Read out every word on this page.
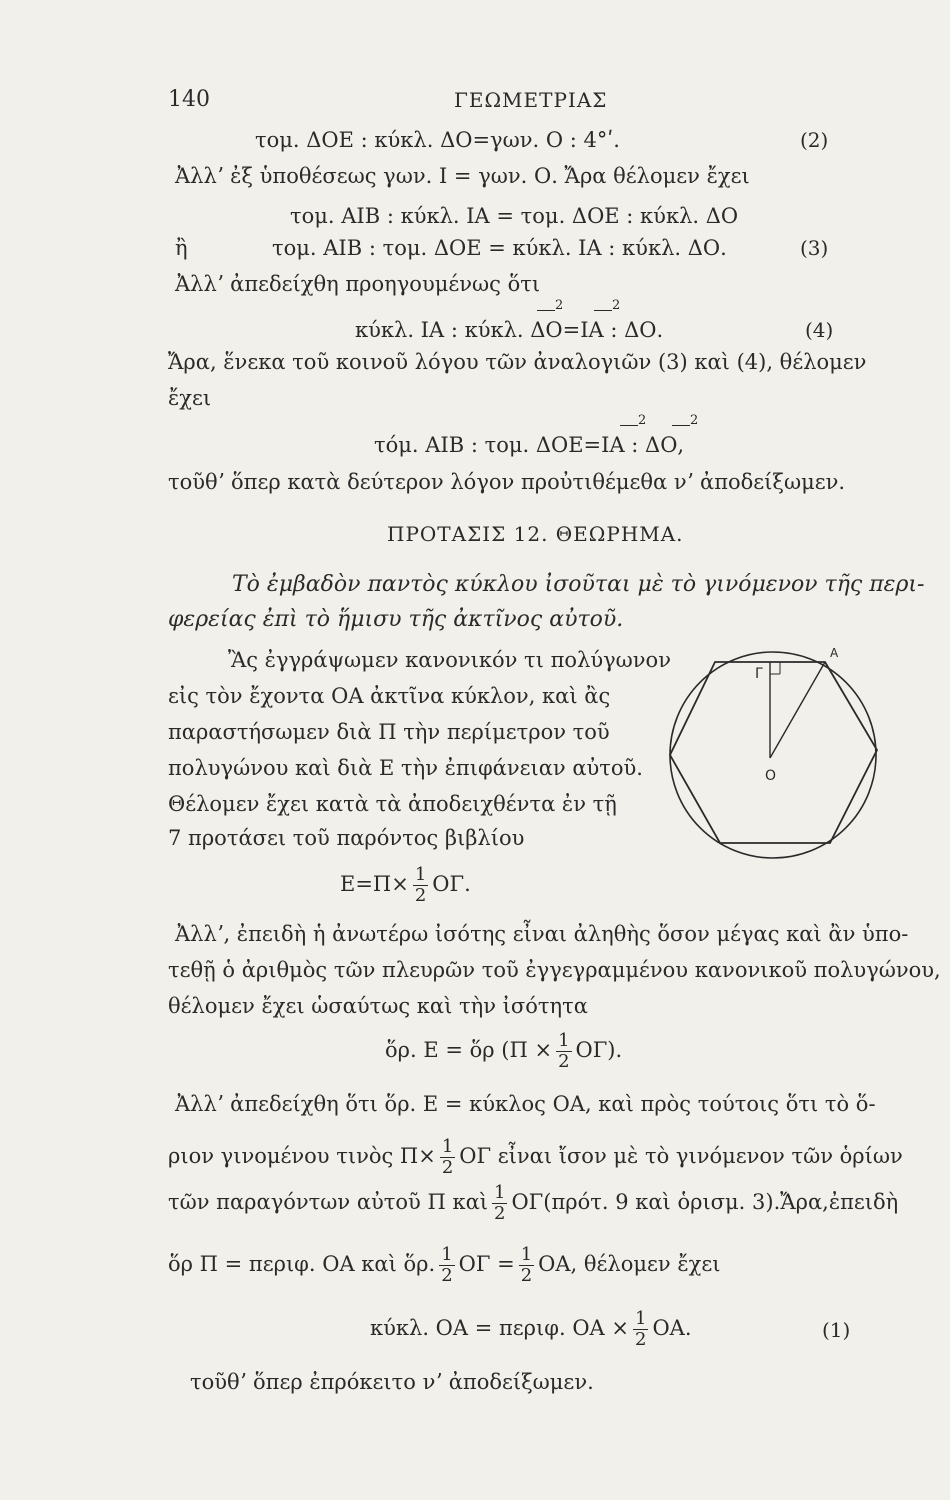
140	ΓΕΩΜΕΤΡΙΑΣ
τομ. ΔΟΕ : κύκλ. ΔΟ=γων. Ο : 4°ʹ.	(2)
Ἀλλʼ ἐξ ὑποθέσεως γων. Ι = γων. Ο. Ἄρα θέλομεν ἔχει
τομ. ΑΙΒ : κύκλ. ΙΑ = τομ. ΔΟΕ : κύκλ. ΔΟ
ἢ	τομ. ΑΙΒ : τομ. ΔΟΕ = κύκλ. ΙΑ : κύκλ. ΔΟ.	(3)
Ἀλλʼ ἀπεδείχθη προηγουμένως ὅτι
κύκλ. ΙΑ : κύκλ. ΔΟ=ΙΑ : ΔΟ.
2	2
(4)
Ἄρα, ἕνεκα τοῦ κοινοῦ λόγου τῶν ἀναλογιῶν (3) καὶ (4), θέλομεν
ἔχει
τόμ. ΑΙΒ : τομ. ΔΟΕ=ΙΑ : ΔΟ,
2	2
τοῦθʼ ὅπερ κατὰ δεύτερον λόγον προὐτιθέμεθα νʼ ἀποδείξωμεν.
ΠΡΟΤΑΣΙΣ 12. ΘΕΩΡΗΜΑ.
Τὸ ἐμβαδὸν παντὸς κύκλου ἰσοῦται μὲ τὸ γινόμενον τῆς περι-
φερείας ἐπὶ τὸ ἥμισυ τῆς ἀκτῖνος αὐτοῦ.
Ἂς ἐγγράψωμεν κανονικόν τι πολύγωνον
εἰς τὸν ἔχοντα ΟΑ ἀκτῖνα κύκλον, καὶ ἂς
παραστήσωμεν διὰ Π τὴν περίμετρον τοῦ
πολυγώνου καὶ διὰ Ε τὴν ἐπιφάνειαν αὐτοῦ.
Θέλομεν ἔχει κατὰ τὰ ἀποδειχθέντα ἐν τῇ
7 προτάσει τοῦ παρόντος βιβλίου
$E=\Pi\times \frac{1}{2} O\Gamma$.
Ἀλλʼ, ἐπειδὴ ἡ ἀνωτέρω ἰσότης εἶναι ἀληθὴς ὅσον μέγας καὶ ἂν ὑπο-
τεθῇ ὁ ἀριθμὸς τῶν πλευρῶν τοῦ ἐγγεγραμμένου κανονικοῦ πολυγώνου,
θέλομεν ἔχει ὡσαύτως καὶ τὴν ἰσότητα
ὅρ. Ε = ὅρ $(\Pi \times \frac{1}{2} O\Gamma)$.
Ἀλλʼ ἀπεδείχθη ὅτι ὅρ. Ε = κύκλος ΟΑ, καὶ πρὸς τούτοις ὅτι τὸ ὅ-
ριον γινομένου τινὸς $\Pi\times \frac{1}{2}$ ΟΓ εἶναι ἴσον μὲ τὸ γινόμενον τῶν ὁρίων
τῶν παραγόντων αὐτοῦ Π καὶ $\frac{1}{2} O\Gamma(\pi\rho ό\tau$. 9 καὶ ὁρισμ. 3).Ἄρα,ἐπειδὴ
ὅρ Π = περιφ. ΟΑ καὶ ὅρ. $\frac{1}{2}$ $O\Gamma = \frac{1}{2} OA$, θέλομεν ἔχει
κύκλ. ΟΑ = περιφ. $OA \times \frac{1}{2} OA$.	(1)
τοῦθʼ ὅπερ ἐπρόκειτο νʼ ἀποδείξωμεν.
Α
Γ
Ο
